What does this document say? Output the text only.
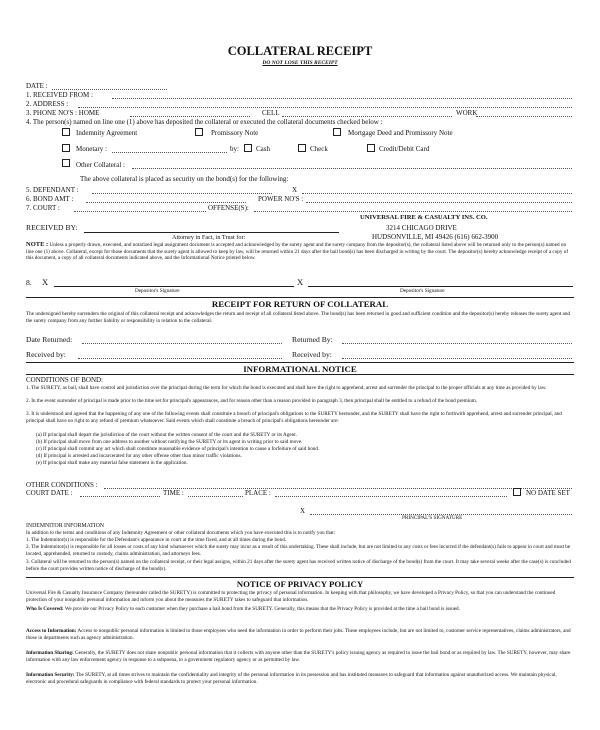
COLLATERAL RECEIPT
DO NOT LOSE THIS RECEIPT
DATE :
1. RECEIVED FROM :
2. ADDRESS :
3. PHONE NO'S : HOME	CELL	WORK
4. The person(s) named on line one (1) above has deposited the collateral or executed the collateral documents checked below :
Indemnity Agreement	Promissory Note	Mortgage Deed and Promissory Note
Monetary :	by: Cash	Check	Credit/Debit Card
Other Collateral :
The above collateral is placed as security on the bond(s) for the following:
5. DEFENDANT :	X
6. BOND AMT :	POWER NO'S :
7. COURT :	OFFENSE(S):
UNIVERSAL FIRE & CASUALTY INS. CO.
RECEIVED BY:	3214 CHICAGO DRIVE
HUDSONVILLE, MI 49426 (616) 662-3900
Attorney in Fact, in Trust for:
NOTE : Unless a properly drawn, executed, and notarized legal assignment document is accepted and acknowledged by the surety agent and the surety company from the depositor(s), the collateral listed above will be returned only to the person(s) named on line one (1) above. Collateral, except for those documents that the surety agent is allowed to keep by law, will be returned within 21 days after the bail bond(s) has been discharged in writing by the court. The depositor(s) hereby acknowledge receipt of a copy of this document, a copy of all collateral documents indicated above, and the Informational Notice printed below.
8. X	X
Depositor's Signature	Depositor's Signature
RECEIPT FOR RETURN OF COLLATERAL
The undersigned hereby surrenders the original of this collateral receipt and acknowledges the return and receipt of all collateral listed above. The bond(s) has been returned in good and sufficient condition and the depositor(s) hereby releases the surety agent and the surety company from any further liability or responsibility in relation to the collateral.
Date Returned:	Returned By:
Received by:	Received by:
INFORMATIONAL NOTICE
CONDITIONS OF BOND:
1. The SURETY, as bail, shall have control and jurisdiction over the principal during the term for which the bond is executed and shall have the right to apprehend, arrest and surrender the principal to the proper officials at any time as provided by law.
2. In the event surrender of principal is made prior to the time set for principal's appearances, and for reason other than a reason provided in paragraph 3, then principal shall be entitled to a refund of the bond premium.
3. It is understood and agreed that the happening of any one of the following events shall constitute a breach of principal's obligations to the SURETY hereunder, and the SURETY shall have the right to forthwith apprehend, arrest and surrender principal, and principal shall have no right to any refund of premium whatsoever. Said events which shall constitute a breach of principal's obligations hereunder are:
(a) If principal shall depart the jurisdiction of the court without the written consent of the court and the SURETY or its Agent.
(b) If principal shall move from one address to another without notifying the SURETY or its agent in writing prior to said move.
(c) If principal shall commit any act which shall constitute reasonable evidence of principal's intention to cause a forfeiture of said bond.
(d) If principal is arrested and incarcerated for any other offense other than minor traffic violations.
(e) If principal shall make any material false statement in the application.
OTHER CONDITIONS :
COURT DATE :	TIME :	PLACE :	NO DATE SET
X
PRINCIPAL'S SIGNATURE
INDEMNITOR INFORMATION
In addition to the terms and conditions of any Indemnity Agreement or other collateral documents which you have executed this is to notify you that:
1. The Indemnitor(s) is responsible for the Defendant's appearance in court at the time fixed, and at all times during the bond.
2. The Indemnitor(s) is responsible for all losses or costs of any kind whatsoever which the surety may incur as a result of this undertaking. These shall include, but are not limited to any costs or fees incurred if the defendant(s) fails to appear in court and must be located, apprehended, returned to custody, claims administration, and attorneys fees.
3. Collateral will be returned to the person(s) named on the collateral receipt, or their legal assigns, within 21 days after the surety agent has received written notice of discharge of the bond(s) from the court. It may take several weeks after the case(s) is concluded before the court provides written notice of discharge of the bond(s).
NOTICE OF PRIVACY POLICY
Universal Fire & Casualty Insurance Company (hereunder called the SURETY) is committed to protecting the privacy of personal information. In keeping with that philosophy, we have developed a Privacy Policy, so that you can understand the continued protection of your nonpublic personal information and inform you about the measures the SURETY takes to safeguard that information.
Who Is Covered: We provide our Privacy Policy to each customer when they purchase a bail bond from the SURETY. Generally, this means that the Privacy Policy is provided at the time a bail bond is issued.
Access to Information: Access to nonpublic personal information is limited to those employees who need the information in order to perform their jobs. These employees include, but are not limited to, customer service representatives, claims administrators, and those in departments such as agency administration.
Information Sharing: Generally, the SURETY does not share nonpublic personal information that it collects with anyone other than the SURETY's policy issuing agency as required to issue the bail bond or as required by law. The SURETY, however, may share information with any law enforcement agency in response to a subpoena, to a government regulatory agency or as permitted by law.
Information Security: The SURETY, at all times strives to maintain the confidentiality and integrity of the personal information in its possession and has instituted measures to safeguard that information against unauthorized access. We maintain physical, electronic and procedural safeguards in compliance with federal standards to protect your personal information.
